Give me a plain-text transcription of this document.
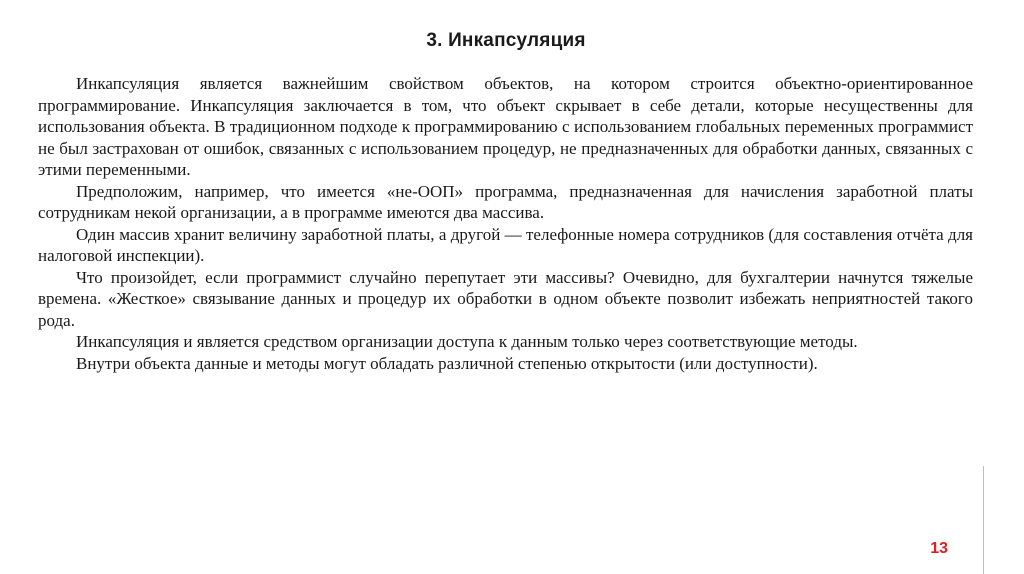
3. Инкапсуляция

Инкапсуляция является важнейшим свойством объектов, на котором строится объектно-ориентированное программирование. Инкапсуляция заключается в том, что объект скрывает в себе детали, которые несущественны для использования объекта. В традиционном подходе к программированию с использованием глобальных переменных программист не был застрахован от ошибок, связанных с использованием процедур, не предназначенных для обработки данных, связанных с этими переменными.

Предположим, например, что имеется «не-ООП» программа, предназначенная для начисления заработной платы сотрудникам некой организации, а в программе имеются два массива.

Один массив хранит величину заработной платы, а другой — телефонные номера сотрудников (для составления отчёта для налоговой инспекции).

Что произойдет, если программист случайно перепутает эти массивы? Очевидно, для бухгалтерии начнутся тяжелые времена. «Жесткое» связывание данных и процедур их обработки в одном объекте позволит избежать неприятностей такого рода.

Инкапсуляция и является средством организации доступа к данным только через соответствующие методы.

Внутри объекта данные и методы могут обладать различной степенью открытости (или доступности).

13
